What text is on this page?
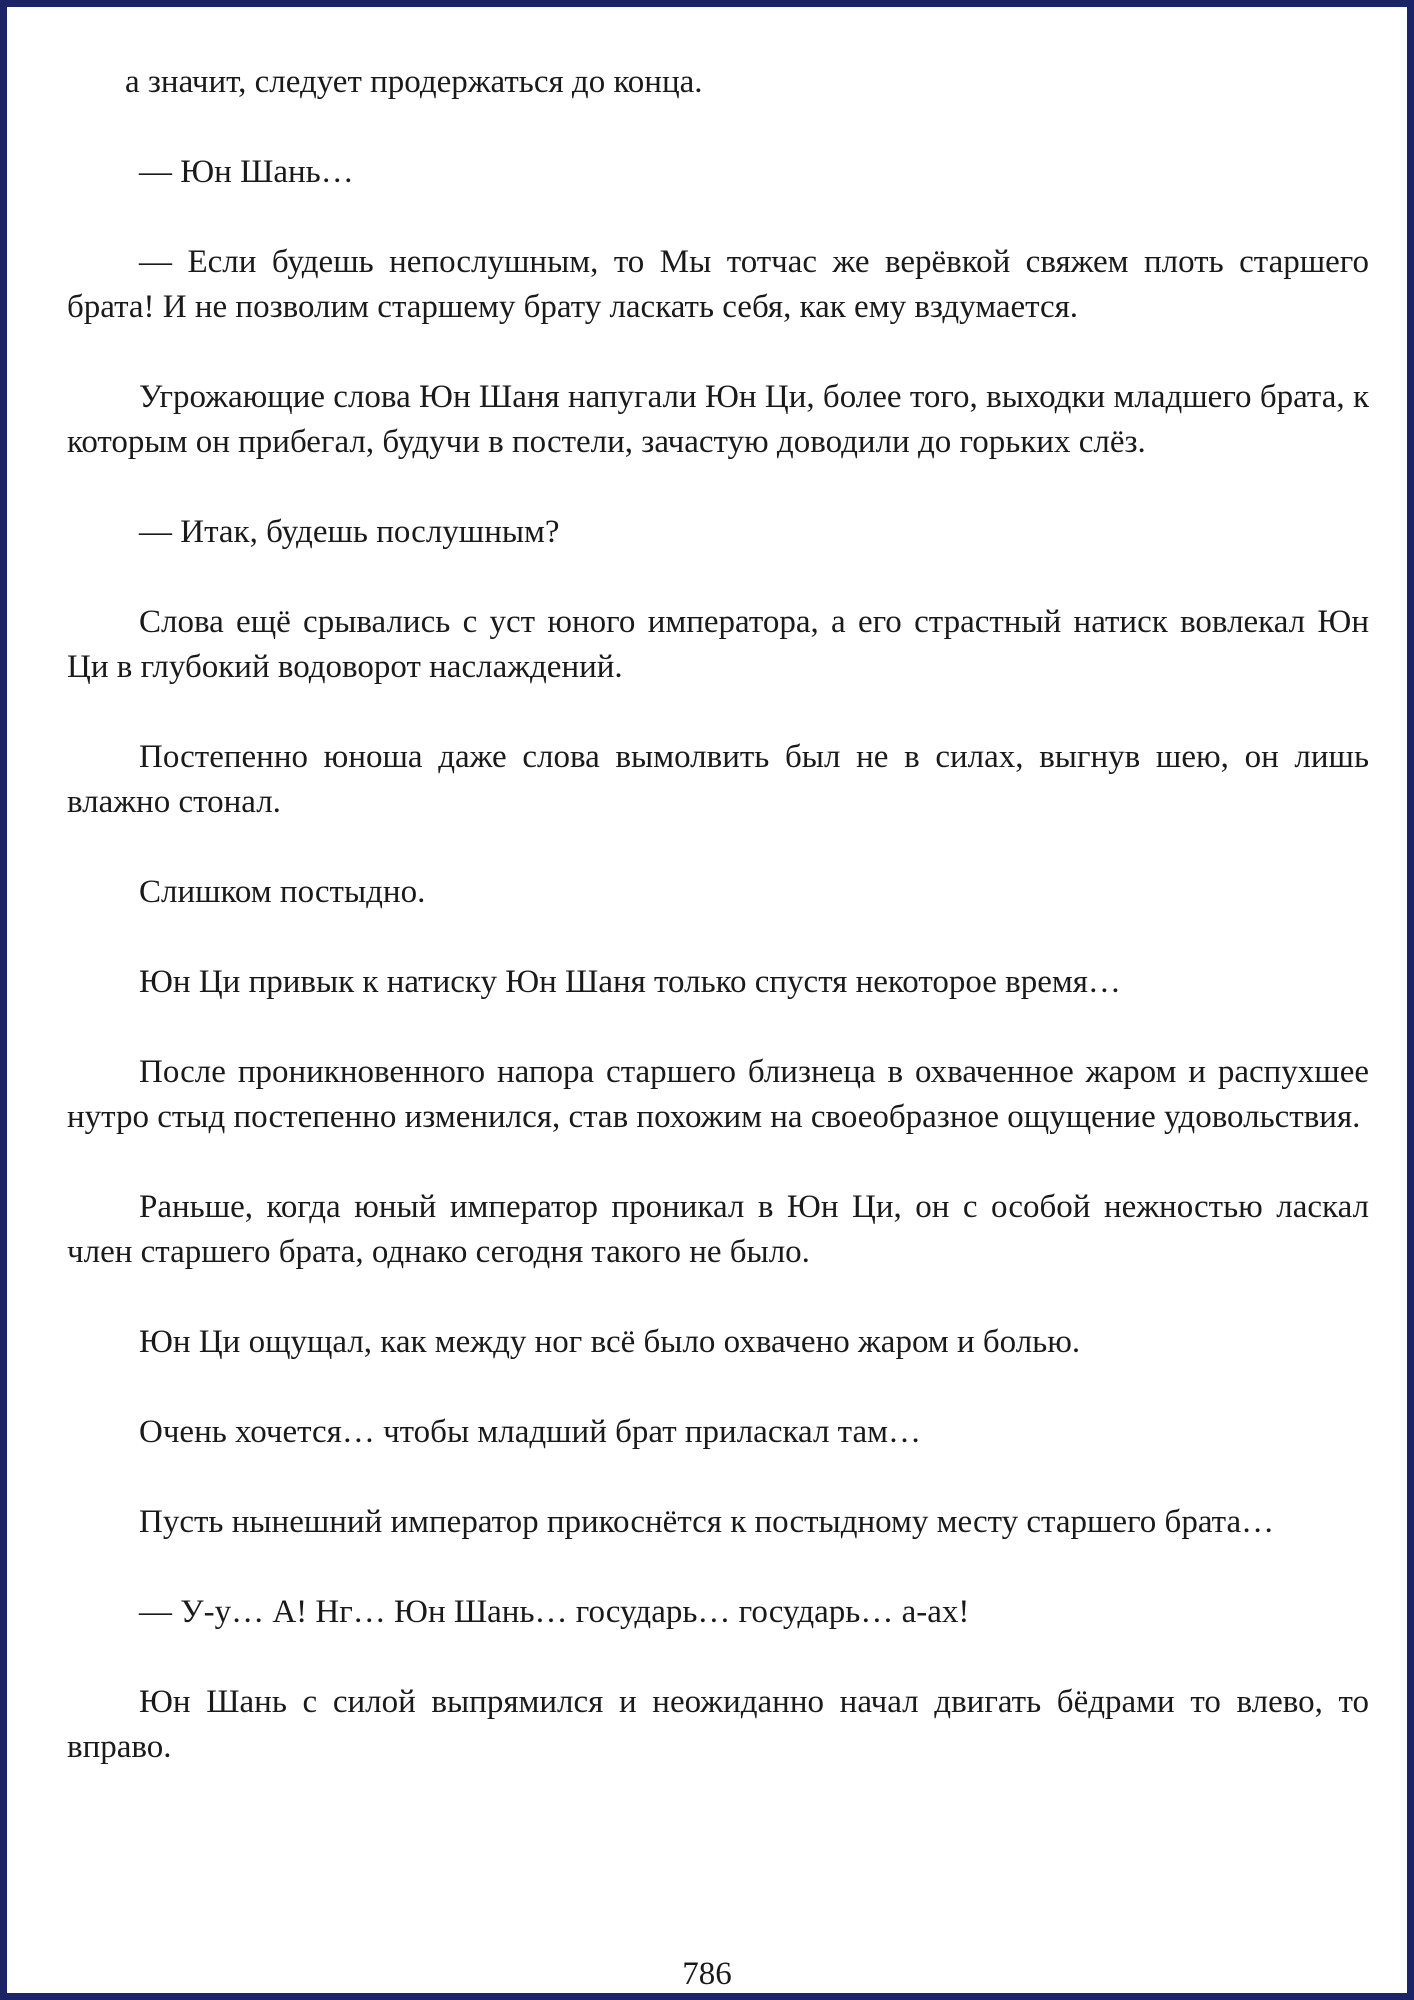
а значит, следует продержаться до конца.

— Юн Шань…

— Если будешь непослушным, то Мы тотчас же верёвкой свяжем плоть старшего брата! И не позволим старшему брату ласкать себя, как ему вздумается.

Угрожающие слова Юн Шаня напугали Юн Ци, более того, выходки младшего брата, к которым он прибегал, будучи в постели, зачастую доводили до горьких слёз.

— Итак, будешь послушным?

Слова ещё срывались с уст юного императора, а его страстный натиск вовлекал Юн Ци в глубокий водоворот наслаждений.

Постепенно юноша даже слова вымолвить был не в силах, выгнув шею, он лишь влажно стонал.

Слишком постыдно.

Юн Ци привык к натиску Юн Шаня только спустя некоторое время…

После проникновенного напора старшего близнеца в охваченное жаром и распухшее нутро стыд постепенно изменился, став похожим на своеобразное ощущение удовольствия.

Раньше, когда юный император проникал в Юн Ци, он с особой нежностью ласкал член старшего брата, однако сегодня такого не было.

Юн Ци ощущал, как между ног всё было охвачено жаром и болью.

Очень хочется… чтобы младший брат приласкал там…

Пусть нынешний император прикоснётся к постыдному месту старшего брата…

— У-у… А! Нг… Юн Шань… государь… государь… а-ах!

Юн Шань с силой выпрямился и неожиданно начал двигать бёдрами то влево, то вправо.

786
